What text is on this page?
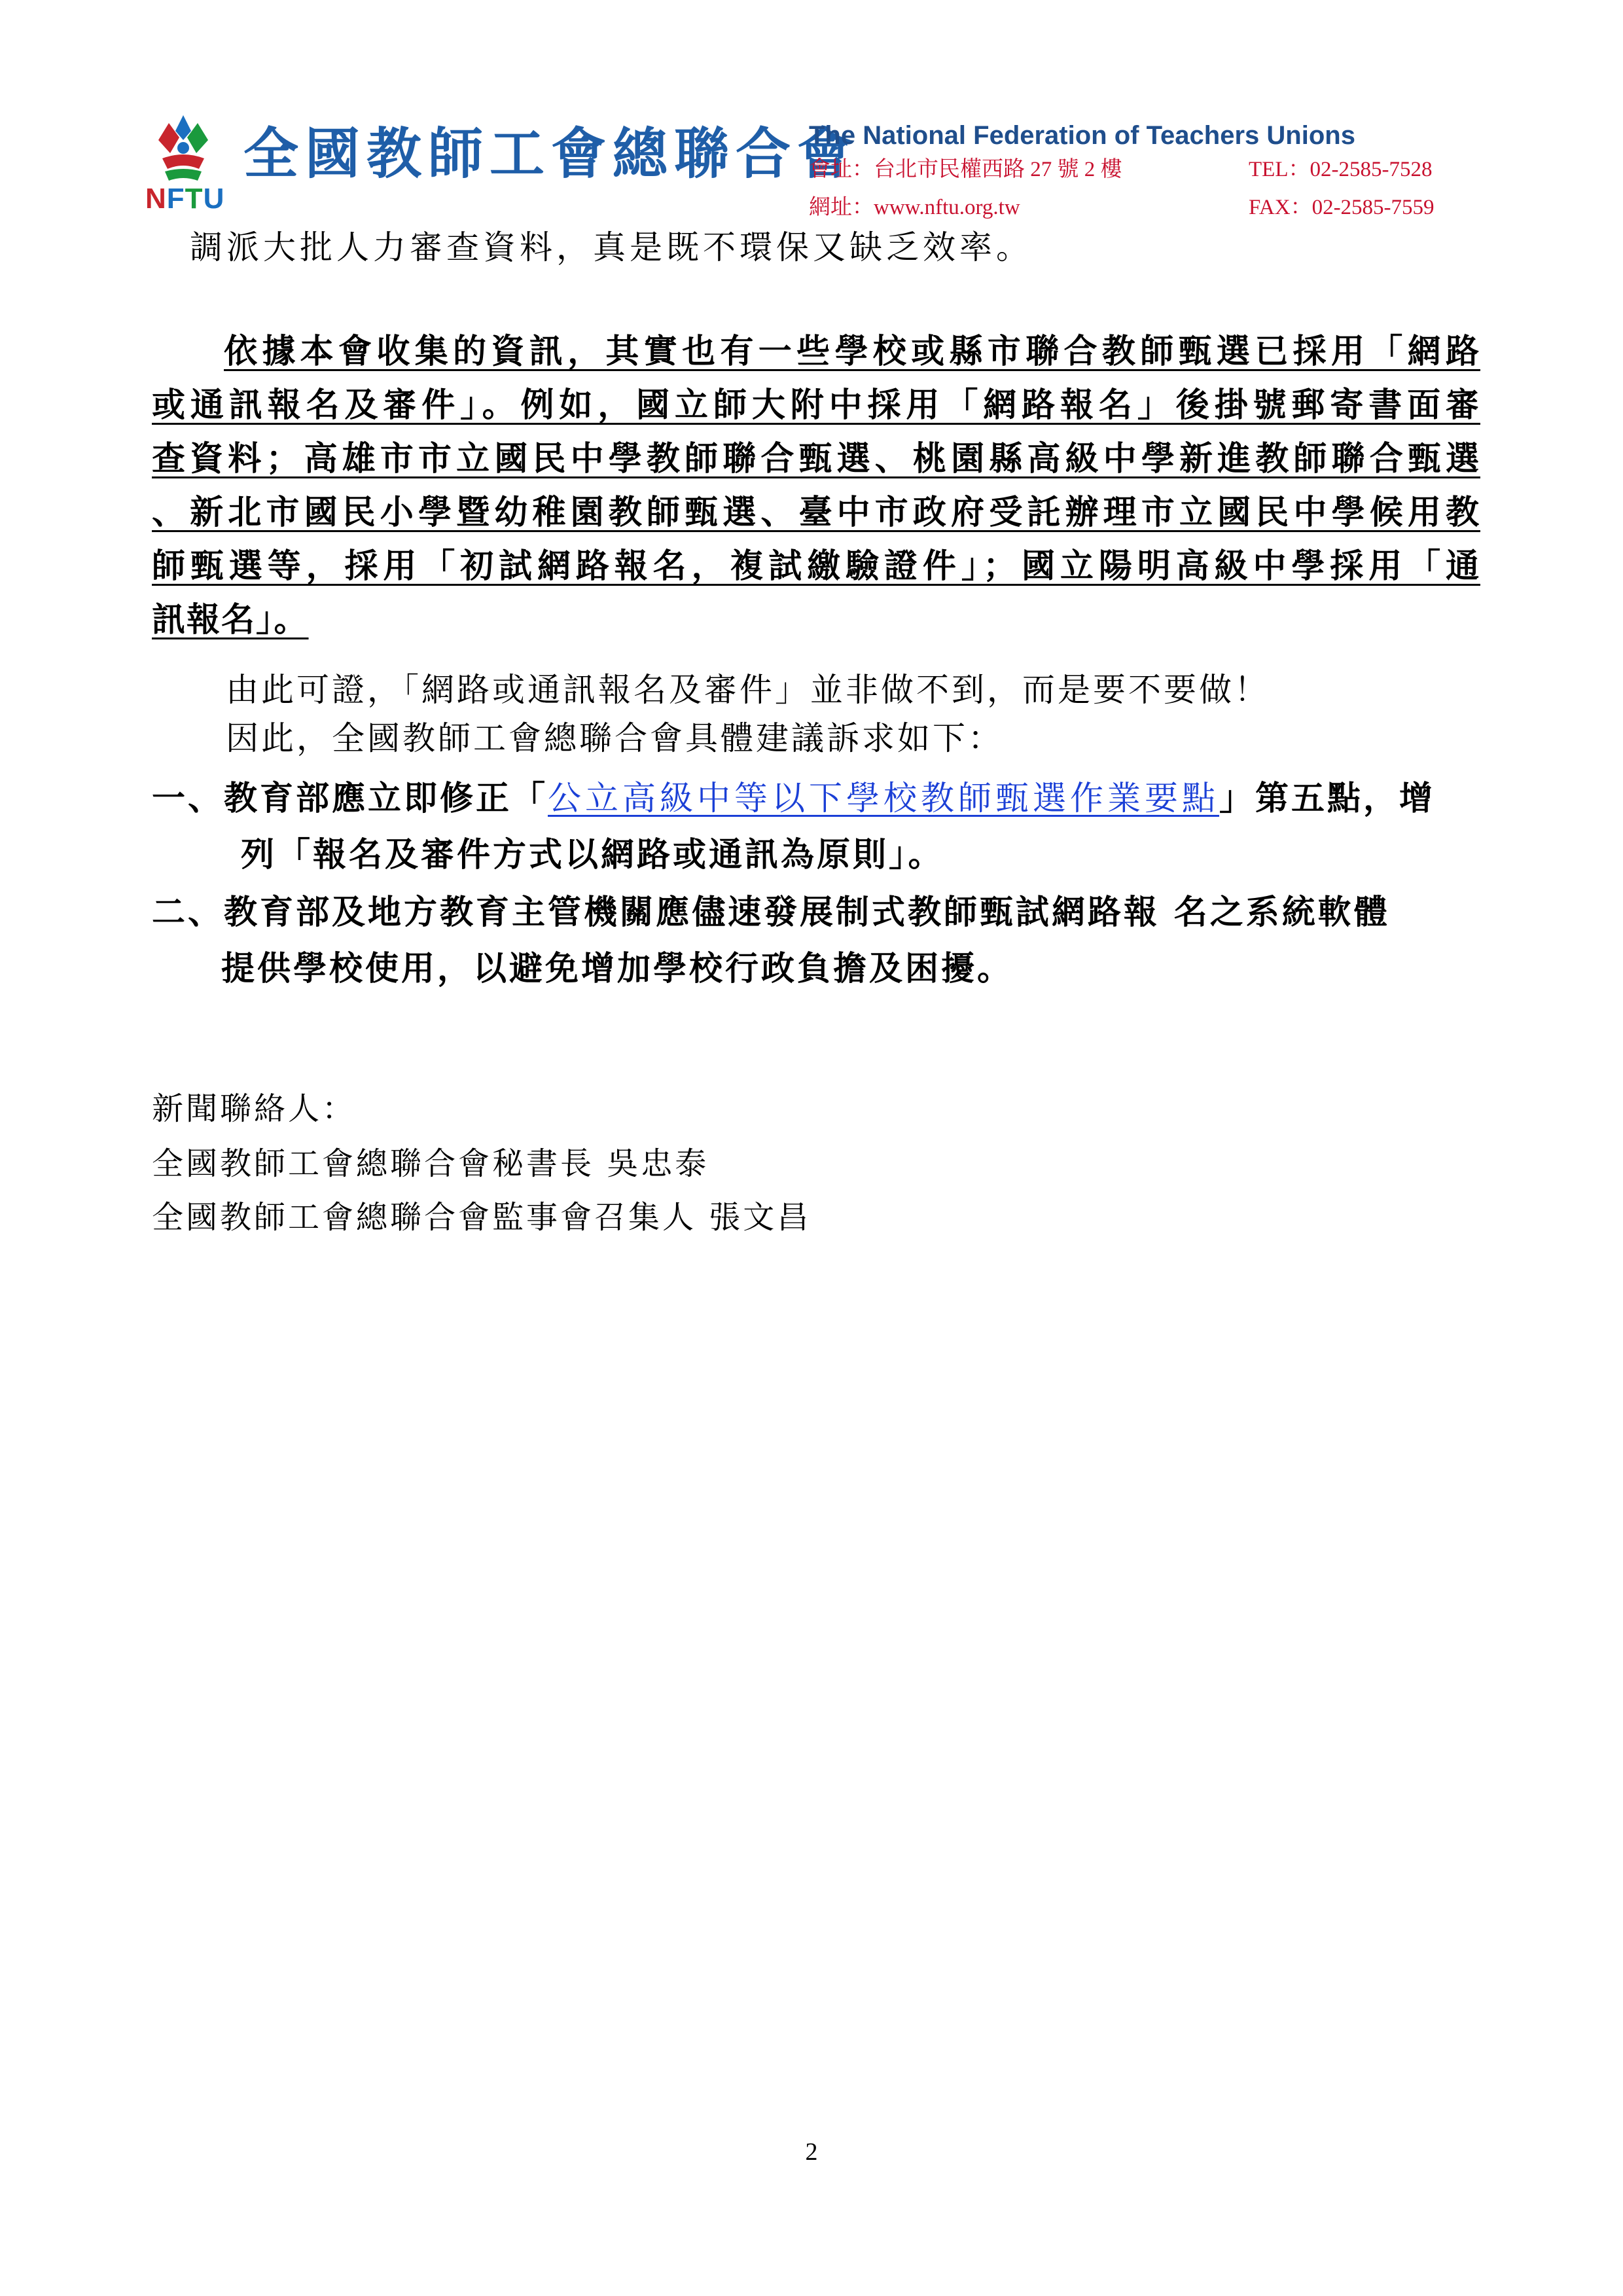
NFTU
全國教師工會總聯合會
The National Federation of Teachers Unions
會址：台北市民權西路 27 號 2 樓	TEL：02-2585-7528
網址：www.nftu.org.tw	FAX：02-2585-7559
調派大批人力審查資料，真是既不環保又缺乏效率。
依據本會收集的資訊，其實也有一些學校或縣市聯合教師甄選已採用「網路
或通訊報名及審件」。例如，國立師大附中採用「網路報名」後掛號郵寄書面審
查資料；高雄市市立國民中學教師聯合甄選、桃園縣高級中學新進教師聯合甄選
、新北市國民小學暨幼稚園教師甄選、臺中市政府受託辦理市立國民中學候用教
師甄選等，採用「初試網路報名，複試繳驗證件」；國立陽明高級中學採用「通
訊報名」。
由此可證，「網路或通訊報名及審件」並非做不到，而是要不要做！
因此，全國教師工會總聯合會具體建議訴求如下：
一、教育部應立即修正「公立高級中等以下學校教師甄選作業要點」第五點，增
列「報名及審件方式以網路或通訊為原則」。
二、教育部及地方教育主管機關應儘速發展制式教師甄試網路報 名之系統軟體
提供學校使用，以避免增加學校行政負擔及困擾。
新聞聯絡人：
全國教師工會總聯合會秘書長 吳忠泰
全國教師工會總聯合會監事會召集人 張文昌
2
